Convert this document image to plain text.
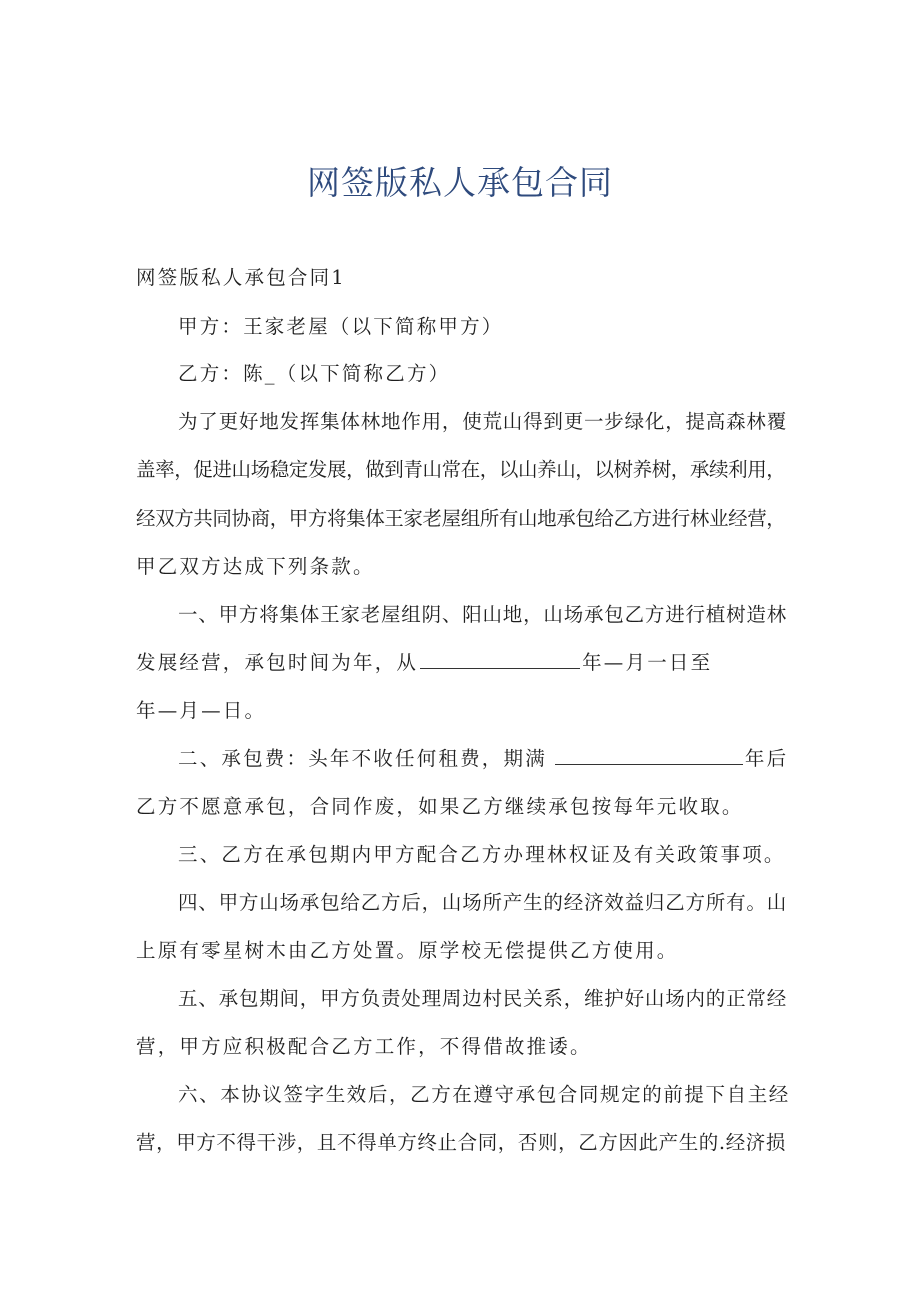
网签版私人承包合同
网签版私人承包合同1
甲方：王家老屋（以下简称甲方）
乙方：陈_（以下简称乙方）
为了更好地发挥集体林地作用，使荒山得到更一步绿化，提高森林覆
盖率，促进山场稳定发展，做到青山常在，以山养山，以树养树，承续利用，
经双方共同协商，甲方将集体王家老屋组所有山地承包给乙方进行林业经营，
甲乙双方达成下列条款。
一、甲方将集体王家老屋组阴、阳山地，山场承包乙方进行植树造林
发展经营，承包时间为年，从	年—月一日至
年—月—日。
二、承包费：头年不收任何租费，期满	年后
乙方不愿意承包，合同作废，如果乙方继续承包按每年元收取。
三、乙方在承包期内甲方配合乙方办理林权证及有关政策事项。
四、甲方山场承包给乙方后，山场所产生的经济效益归乙方所有。山
上原有零星树木由乙方处置。原学校无偿提供乙方使用。
五、承包期间，甲方负责处理周边村民关系，维护好山场内的正常经
营，甲方应积极配合乙方工作，不得借故推诿。
六、本协议签字生效后，乙方在遵守承包合同规定的前提下自主经
营，甲方不得干涉，且不得单方终止合同，否则，乙方因此产生的.经济损
